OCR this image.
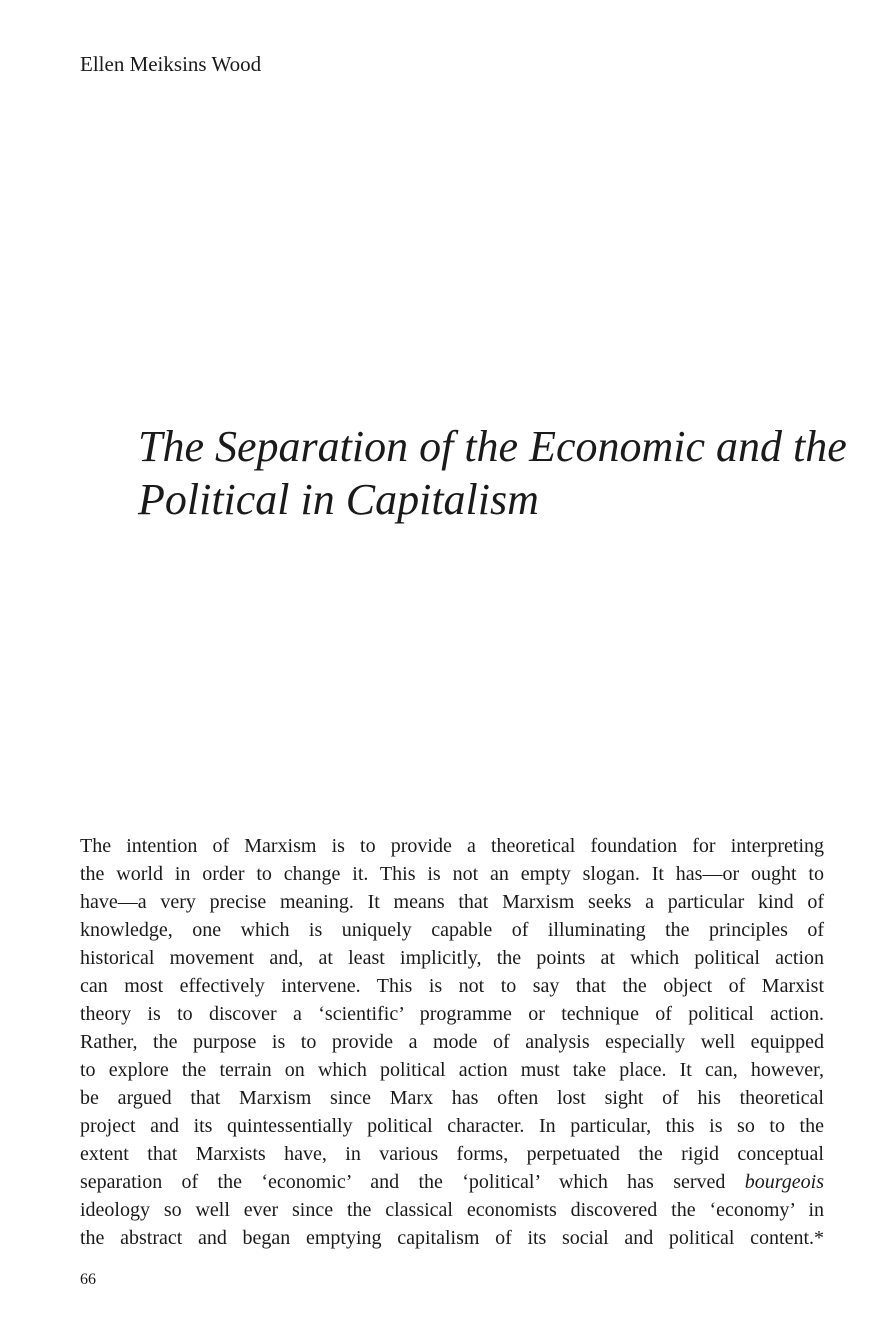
Ellen Meiksins Wood
The Separation of the Economic and the
Political in Capitalism
The intention of Marxism is to provide a theoretical foundation for interpreting
the world in order to change it. This is not an empty slogan. It has—or ought to
have—a very precise meaning. It means that Marxism seeks a particular kind of
knowledge, one which is uniquely capable of illuminating the principles of
historical movement and, at least implicitly, the points at which political action
can most effectively intervene. This is not to say that the object of Marxist
theory is to discover a ‘scientific’ programme or technique of political action.
Rather, the purpose is to provide a mode of analysis especially well equipped
to explore the terrain on which political action must take place. It can, however,
be argued that Marxism since Marx has often lost sight of his theoretical
project and its quintessentially political character. In particular, this is so to the
extent that Marxists have, in various forms, perpetuated the rigid conceptual
separation of the ‘economic’ and the ‘political’ which has served bourgeois
ideology so well ever since the classical economists discovered the ‘economy’ in
the abstract and began emptying capitalism of its social and political content.*
66
